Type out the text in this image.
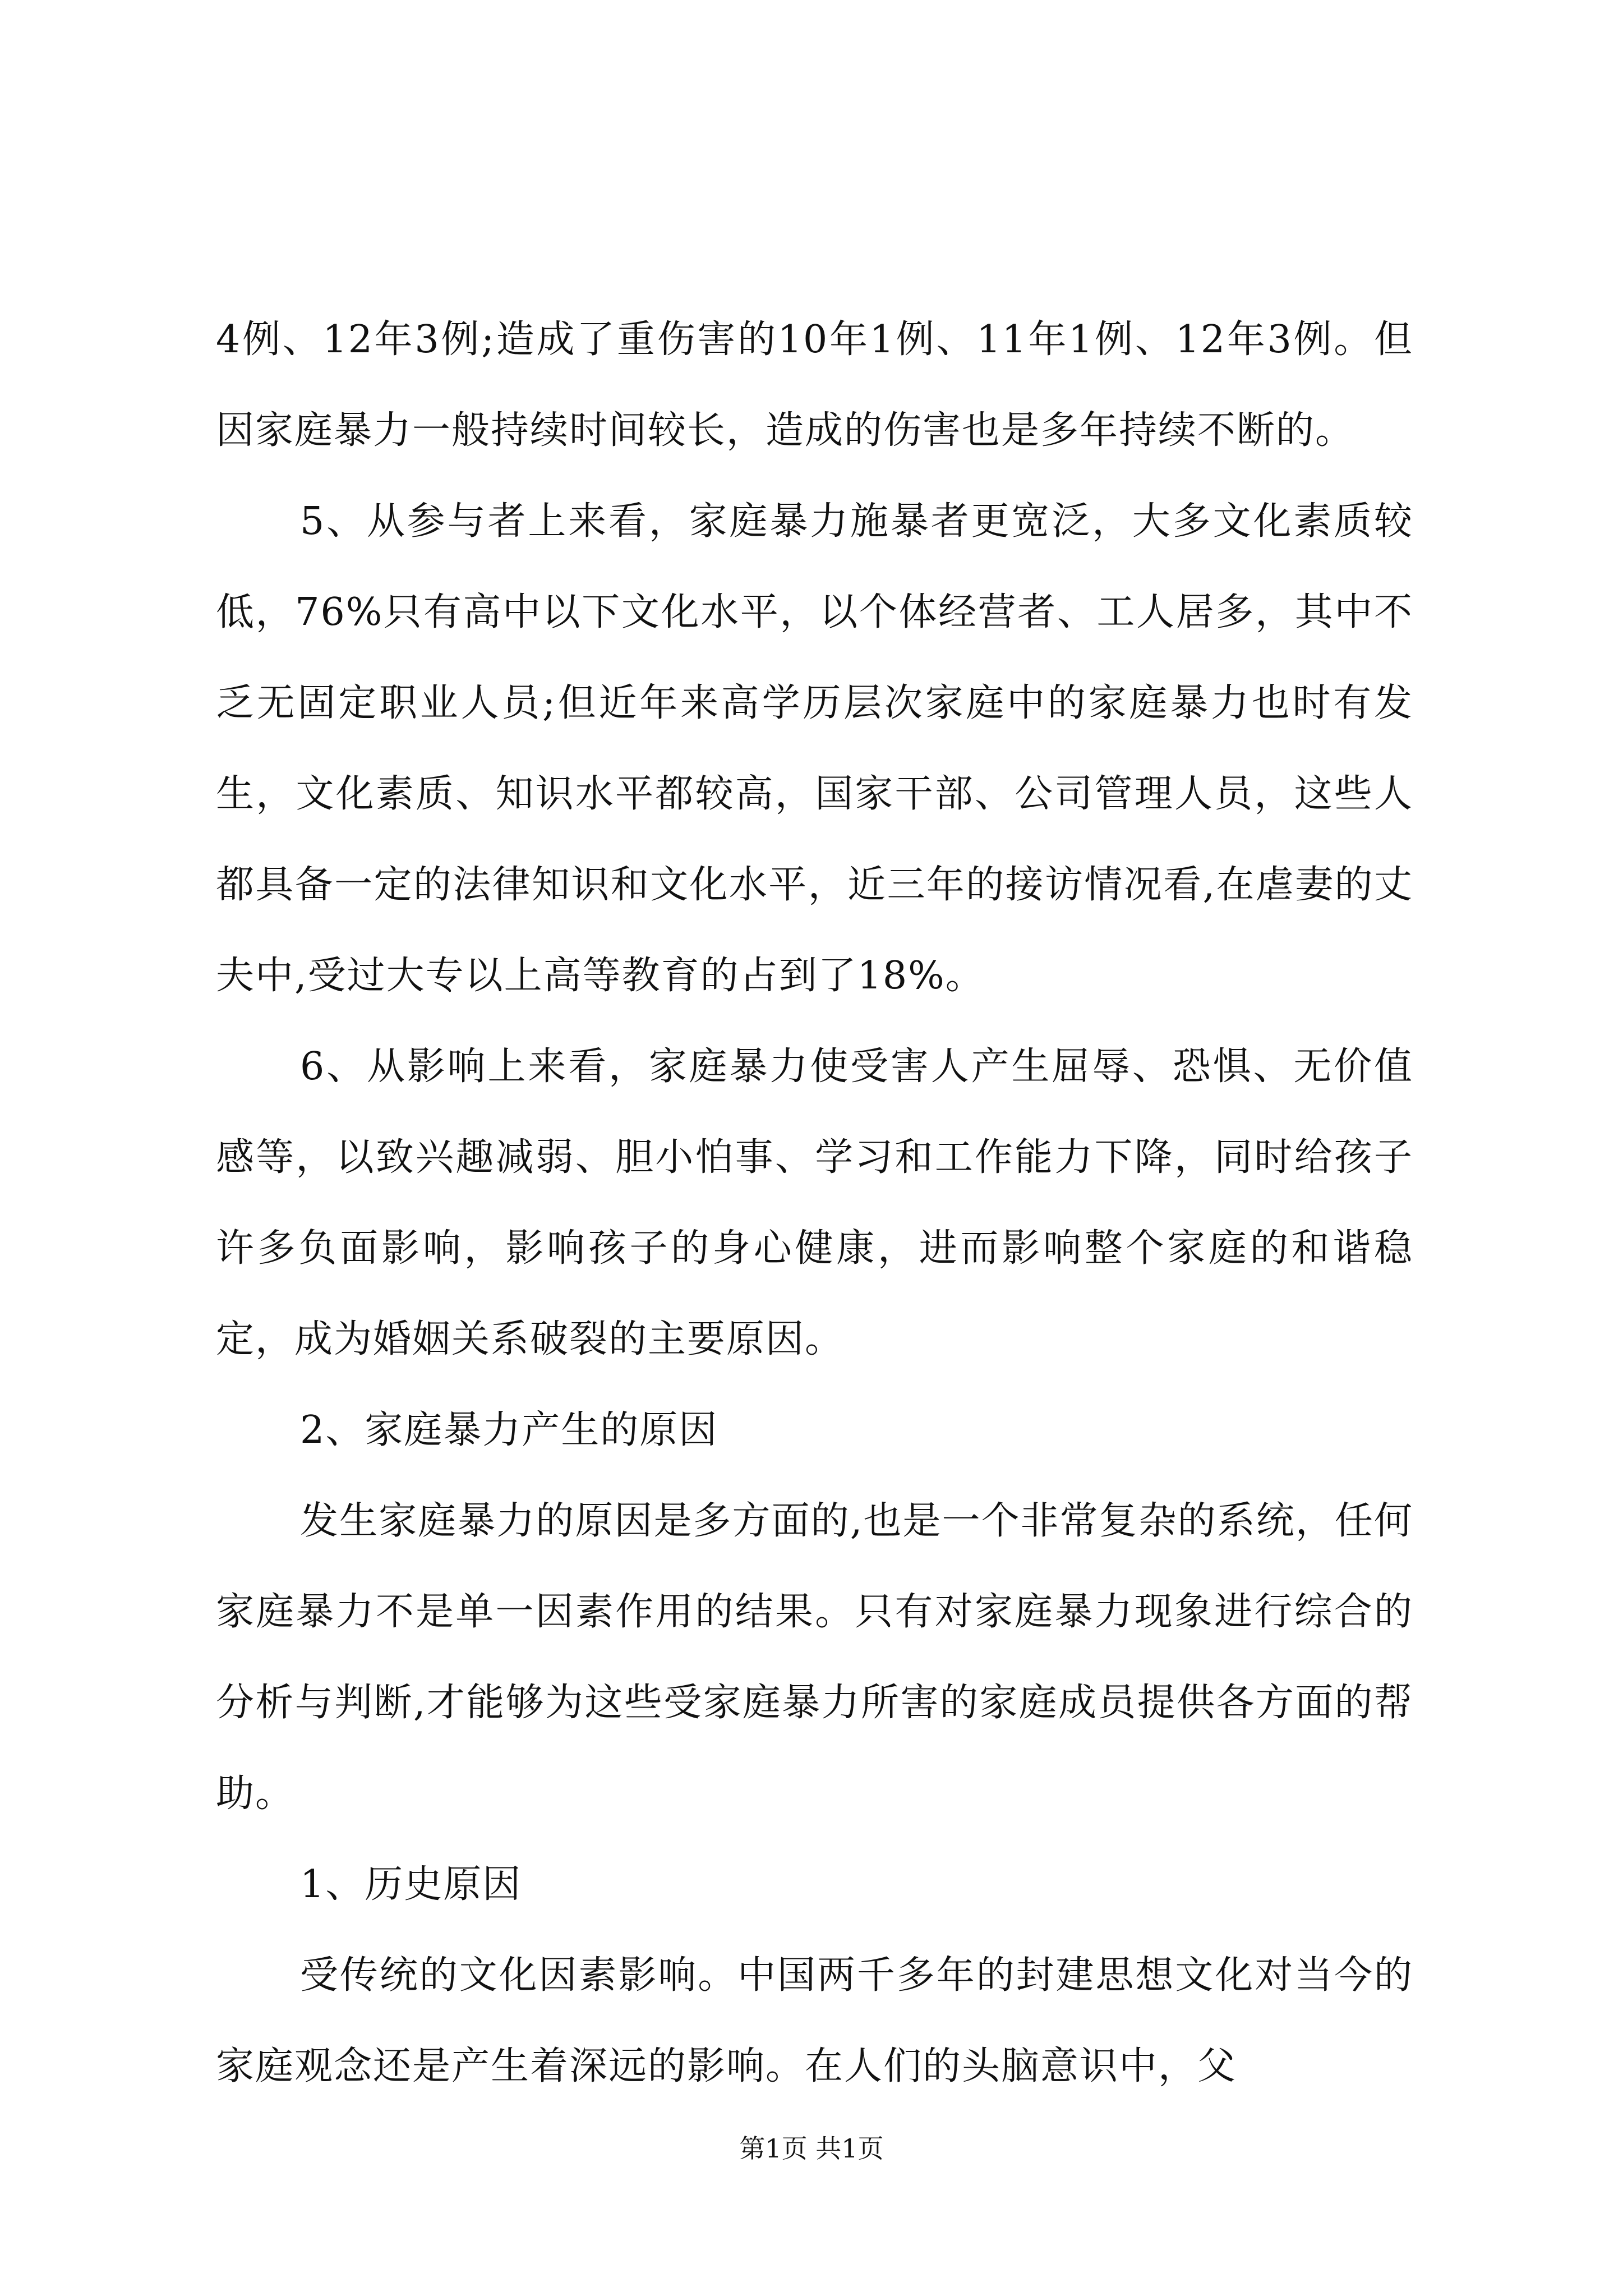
4例、12年3例;造成了重伤害的10年1例、11年1例、12年3例。但因家庭暴力一般持续时间较长，造成的伤害也是多年持续不断的。

5、从参与者上来看，家庭暴力施暴者更宽泛，大多文化素质较低，76%只有高中以下文化水平，以个体经营者、工人居多，其中不乏无固定职业人员;但近年来高学历层次家庭中的家庭暴力也时有发生，文化素质、知识水平都较高，国家干部、公司管理人员，这些人都具备一定的法律知识和文化水平，近三年的接访情况看,在虐妻的丈夫中,受过大专以上高等教育的占到了18%。

6、从影响上来看，家庭暴力使受害人产生屈辱、恐惧、无价值感等，以致兴趣减弱、胆小怕事、学习和工作能力下降，同时给孩子许多负面影响，影响孩子的身心健康，进而影响整个家庭的和谐稳定，成为婚姻关系破裂的主要原因。

2、家庭暴力产生的原因

发生家庭暴力的原因是多方面的,也是一个非常复杂的系统，任何家庭暴力不是单一因素作用的结果。只有对家庭暴力现象进行综合的分析与判断,才能够为这些受家庭暴力所害的家庭成员提供各方面的帮助。

1、历史原因

受传统的文化因素影响。中国两千多年的封建思想文化对当今的家庭观念还是产生着深远的影响。在人们的头脑意识中，父

第1页 共1页
